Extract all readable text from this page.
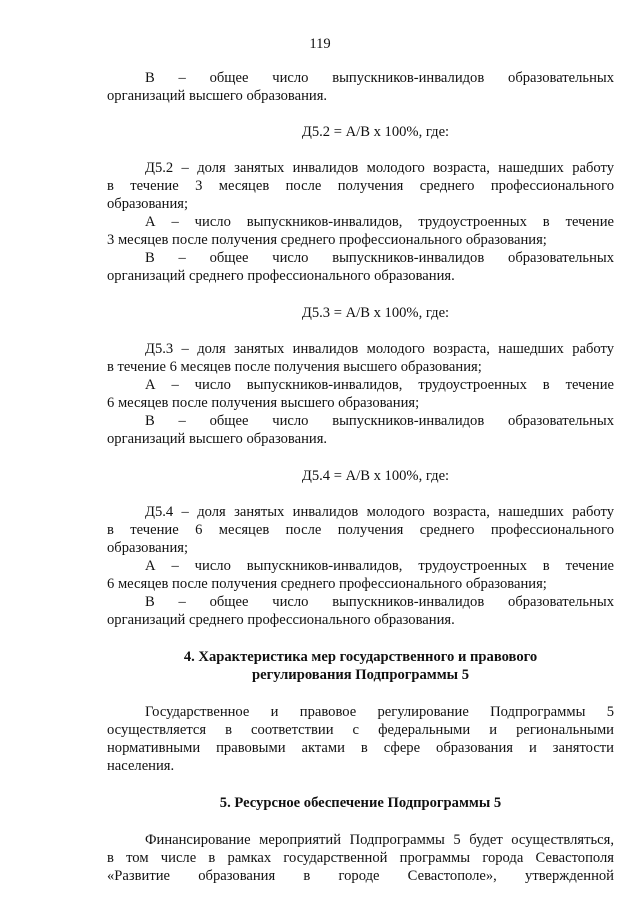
119

В – общее число выпускников-инвалидов образовательных

организаций высшего образования.

Д5.2 = А/В х 100%, где:

Д5.2 – доля занятых инвалидов молодого возраста, нашедших работу

в течение 3 месяцев после получения среднего профессионального

образования;

А – число выпускников-инвалидов, трудоустроенных в течение

3 месяцев после получения среднего профессионального образования;

В – общее число выпускников-инвалидов образовательных

организаций среднего профессионального образования.

Д5.3 = А/В х 100%, где:

Д5.3 – доля занятых инвалидов молодого возраста, нашедших работу

в течение 6 месяцев после получения высшего образования;

А – число выпускников-инвалидов, трудоустроенных в течение

6 месяцев после получения высшего образования;

В – общее число выпускников-инвалидов образовательных

организаций высшего образования.

Д5.4 = А/В х 100%, где:

Д5.4 – доля занятых инвалидов молодого возраста, нашедших работу

в течение 6 месяцев после получения среднего профессионального

образования;

А – число выпускников-инвалидов, трудоустроенных в течение

6 месяцев после получения среднего профессионального образования;

В – общее число выпускников-инвалидов образовательных

организаций среднего профессионального образования.

4. Характеристика мер государственного и правового

регулирования Подпрограммы 5

Государственное и правовое регулирование Подпрограммы 5

осуществляется в соответствии с федеральными и региональными

нормативными правовыми актами в сфере образования и занятости

населения.

5. Ресурсное обеспечение Подпрограммы 5

Финансирование мероприятий Подпрограммы 5 будет осуществляться,

в том числе в рамках государственной программы города Севастополя

«Развитие образования в городе Севастополе», утвержденной
